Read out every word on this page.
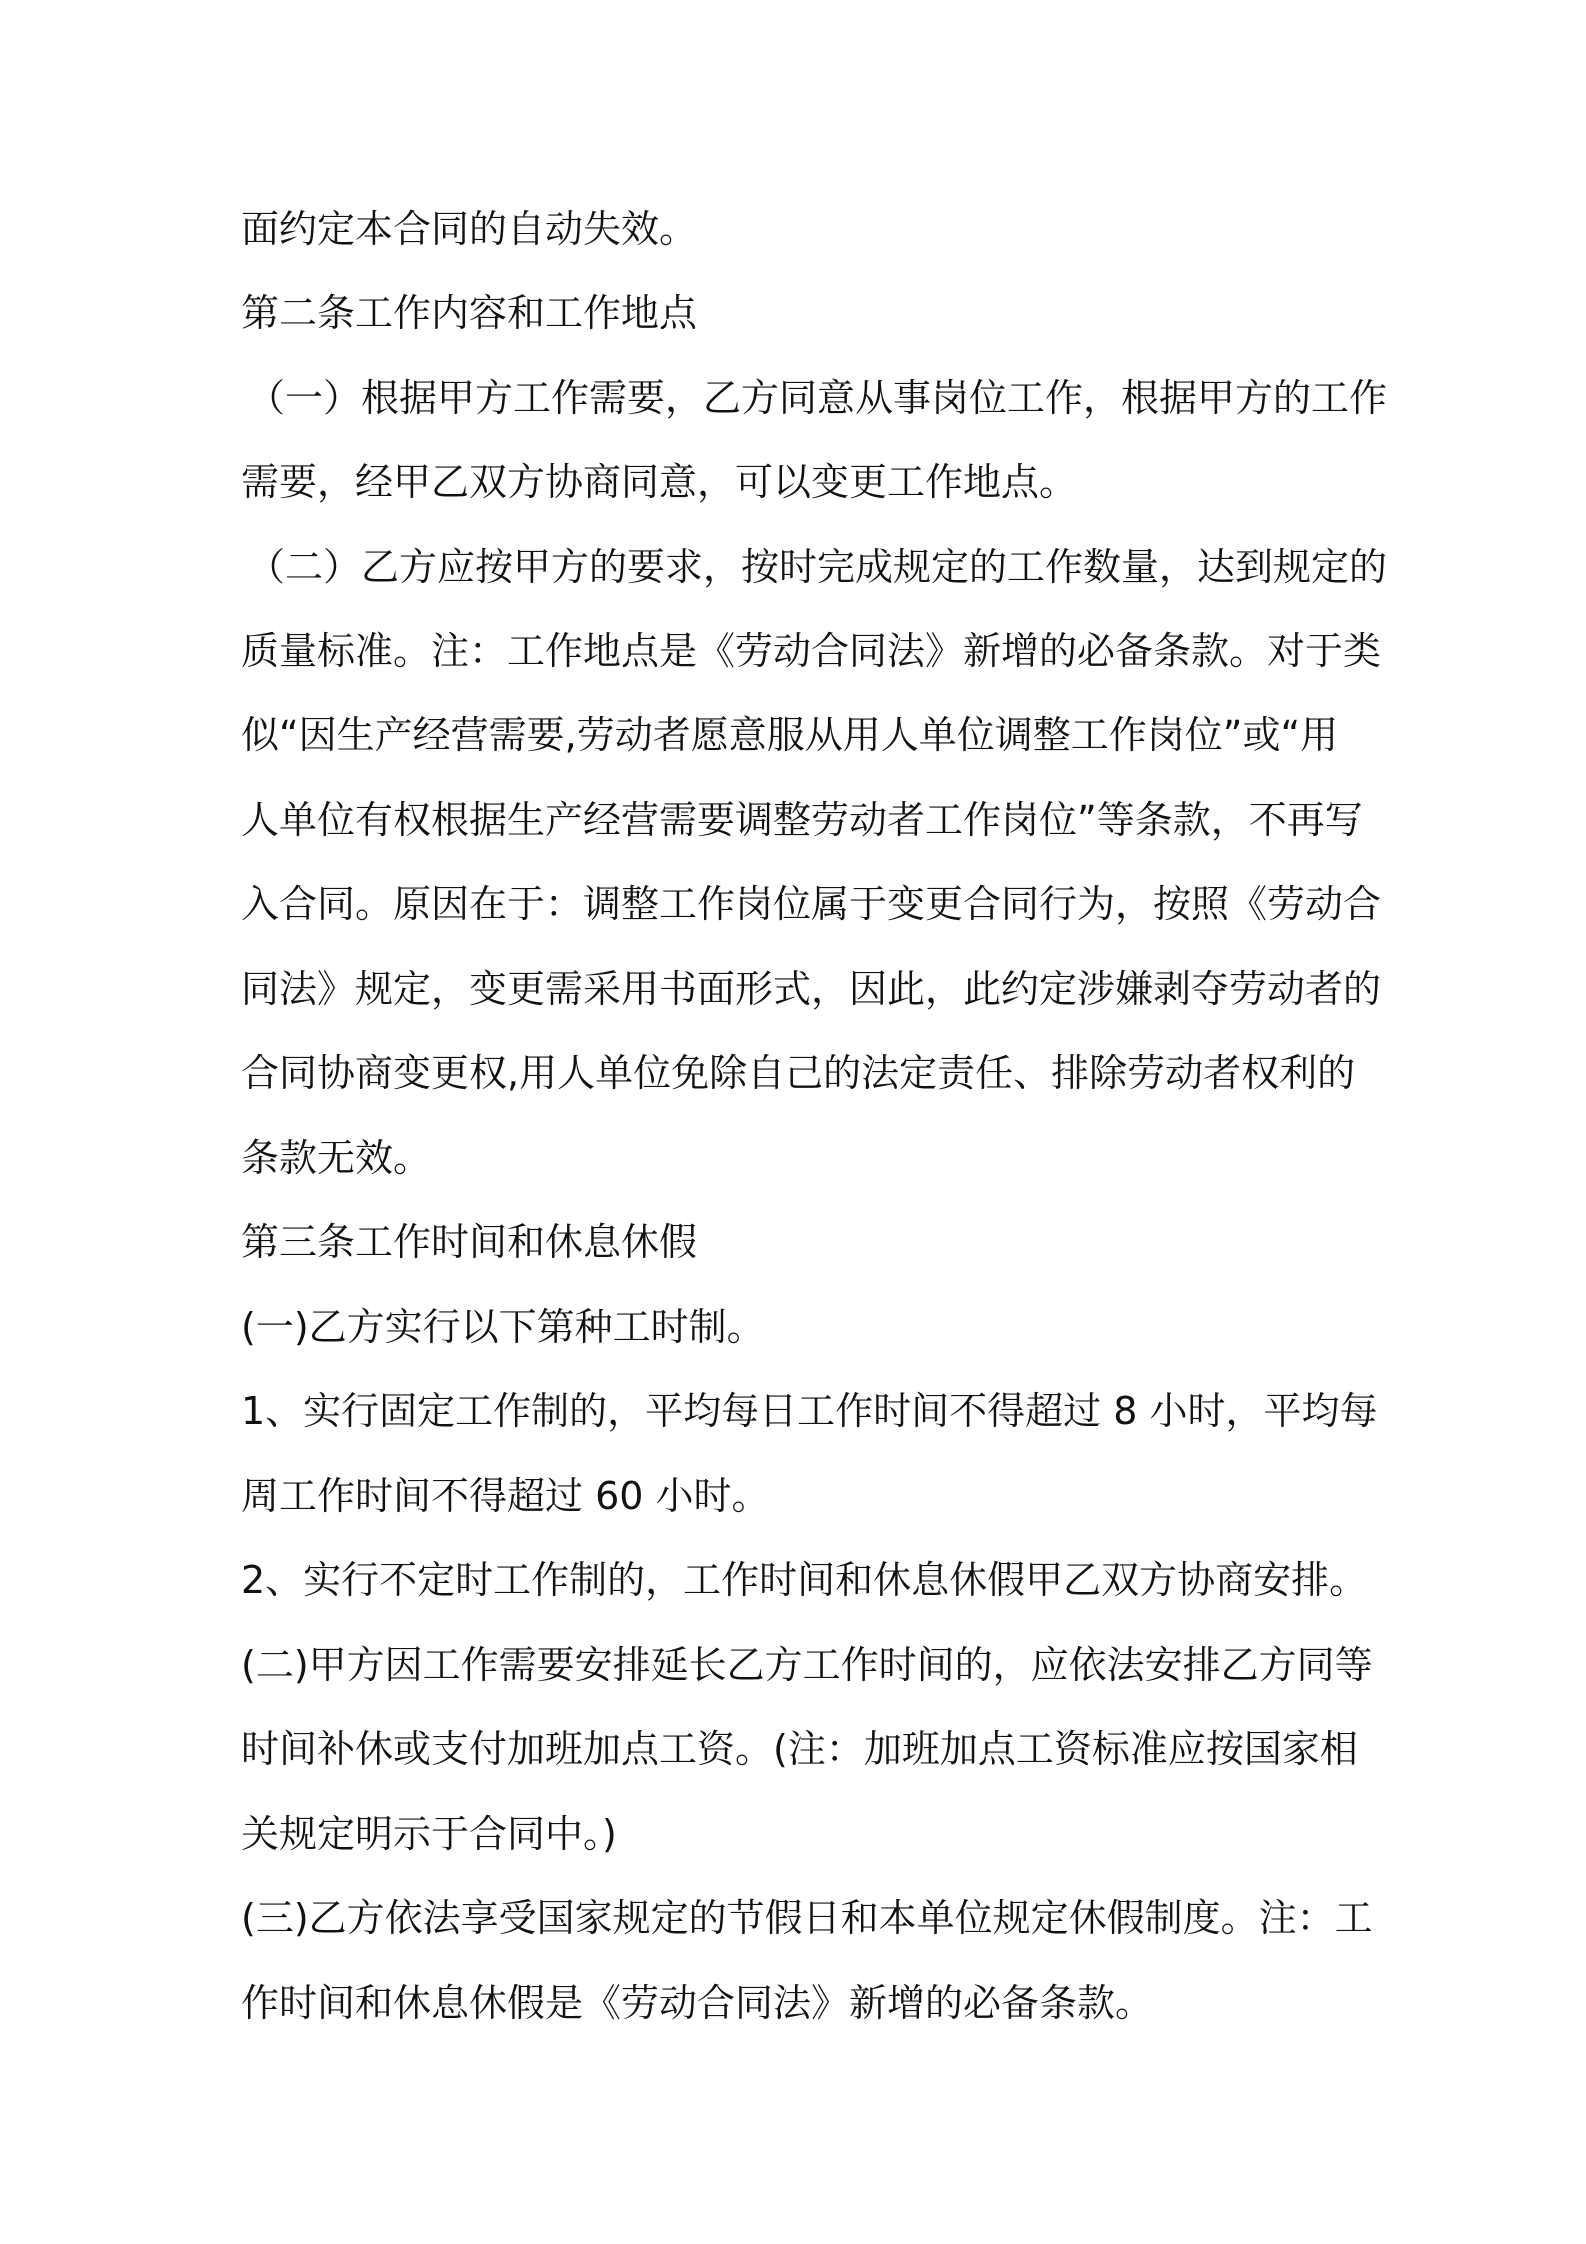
面约定本合同的自动失效。
第二条工作内容和工作地点
（一）根据甲方工作需要，乙方同意从事岗位工作，根据甲方的工作
需要，经甲乙双方协商同意，可以变更工作地点。
（二）乙方应按甲方的要求，按时完成规定的工作数量，达到规定的
质量标准。注：工作地点是《劳动合同法》新增的必备条款。对于类
似“因生产经营需要,劳动者愿意服从用人单位调整工作岗位”或“用
人单位有权根据生产经营需要调整劳动者工作岗位”等条款，不再写
入合同。原因在于：调整工作岗位属于变更合同行为，按照《劳动合
同法》规定，变更需采用书面形式，因此，此约定涉嫌剥夺劳动者的
合同协商变更权,用人单位免除自己的法定责任、排除劳动者权利的
条款无效。
第三条工作时间和休息休假
(一)乙方实行以下第种工时制。
1、实行固定工作制的，平均每日工作时间不得超过 8 小时，平均每
周工作时间不得超过 60 小时。
2、实行不定时工作制的，工作时间和休息休假甲乙双方协商安排。
(二)甲方因工作需要安排延长乙方工作时间的，应依法安排乙方同等
时间补休或支付加班加点工资。(注：加班加点工资标准应按国家相
关规定明示于合同中。)
(三)乙方依法享受国家规定的节假日和本单位规定休假制度。注：工
作时间和休息休假是《劳动合同法》新增的必备条款。
